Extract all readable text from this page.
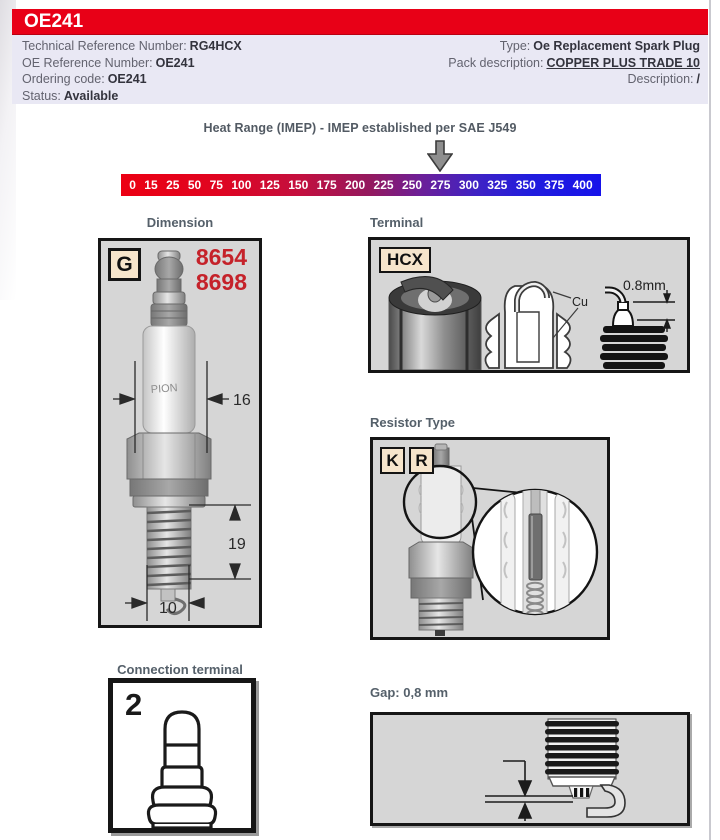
OE241
Technical Reference Number: RG4HCX
OE Reference Number: OE241
Ordering code: OE241
Status: Available
Type: Oe Replacement Spark Plug
Pack description: COPPER PLUS TRADE 10
Description: /
Heat Range (IMEP) - IMEP established per SAE J549
0 15 25 50 75 100 125 150 175 200 225 250 275 300 325 350 375 400
Dimension
PION
16
19
10
G	8654
8698
Terminal
Cu
0.8mm
HCX
Resistor Type
K R
Connection terminal
2	Gap: 0,8 mm
